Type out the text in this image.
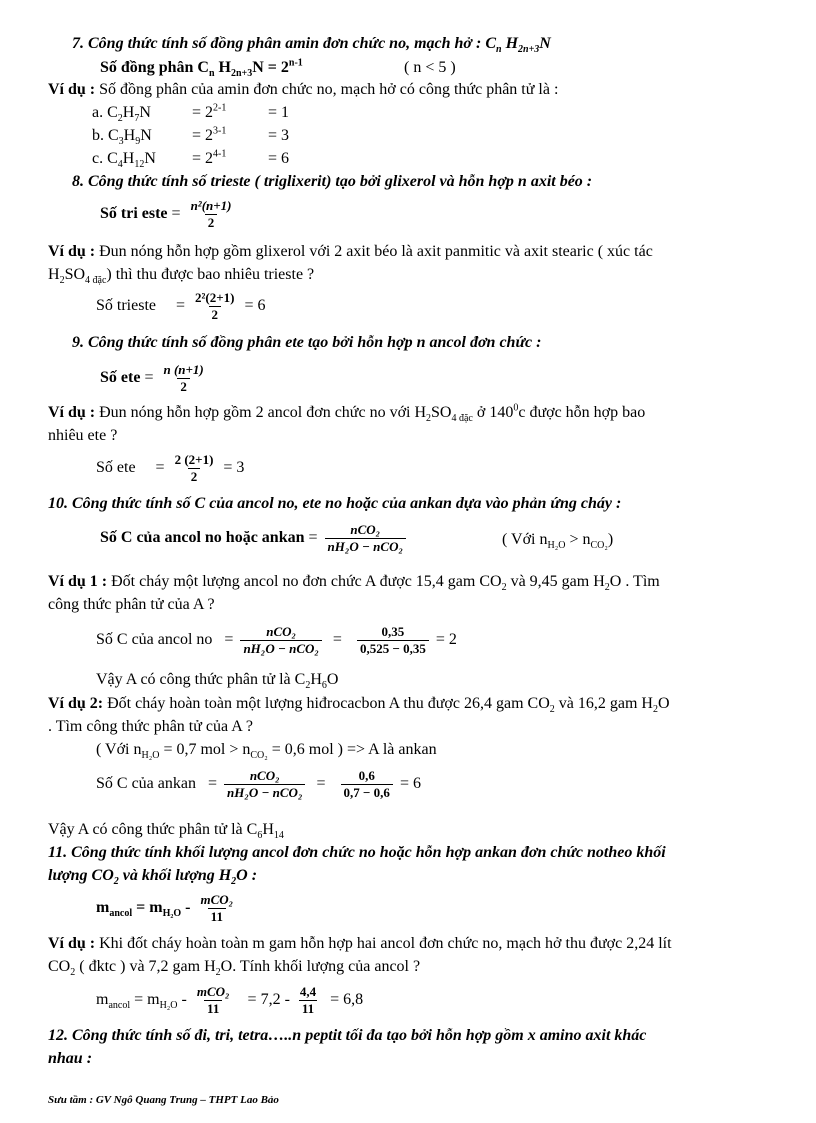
7. Công thức tính số đồng phân amin đơn chức no, mạch hở : $C_n$ $H_{2n+3}N$
Số đồng phân $C_n$ $H_{2n+3}N = 2^{n-1}$	( n < 5 )
Ví dụ : Số đồng phân của amin đơn chức no, mạch hở có công thức phân tử là :
a. $C_2H_7N$	= $2^{2-1}$	= 1
b. $C_3H_9N$	= $2^{3-1}$	= 3
c. $C_4H_{12}N = 2^{4-1}$	= 6
8. Công thức tính số trieste ( triglixerit) tạo bởi glixerol và hỗn hợp n axit béo :
Số tri este = $\frac{\text{n²(n+1)}}{2}$
Ví dụ : Đun nóng hỗn hợp gồm glixerol với 2 axit béo là axit panmitic và axit stearic ( xúc tác
$H_2SO_{4 đặc}$) thì thu được bao nhiêu trieste ?
Số trieste     = $\frac{\text{2²(2+1)}}{2} = 6$
9. Công thức tính số đồng phân ete tạo bởi hỗn hợp n ancol đơn chức :
Số ete = $\frac{n (n+1)}{2}$
Ví dụ : Đun nóng hỗn hợp gồm 2 ancol đơn chức no với $H_2SO_{4 đặc}$ ở $140^0c$ được hỗn hợp bao
nhiêu ete ?
Số ete     = $\frac{2 (2+1)}{2} = 3$
10. Công thức tính số C của ancol no, ete no hoặc của ankan dựa vào phản ứng cháy :
Số C của ancol no hoặc ankan = $\frac{\text{nCO₂}}{\text{nH₂O − nCO₂}}$	( Với $n_{H_2O} > n_{CO_2}$)
Ví dụ 1 : Đốt cháy một lượng ancol no đơn chức A được 15,4 gam $CO_2$ và 9,45 gam $H_2O$ . Tìm
công thức phân tử của A ?
Số C của ancol no   = $\frac{\text{nCO₂}}{\text{nH₂O − nCO₂}} = \frac{0,35}{0,525 - 0,35} = 2$
Vậy A có công thức phân tử là $C_2H_6O$
Ví dụ 2: Đốt cháy hoàn toàn một lượng hiđrocacbon A thu được 26,4 gam $CO_2$ và 16,2 gam $H_2O$
. Tìm công thức phân tử của A ?
( Với $n_{H_2O} = 0,7$ mol > $n_{CO_2} = 0,6$ mol ) => A là ankan
Số C của ankan   = $\frac{\text{nCO₂}}{\text{nH₂O − nCO₂}} = \frac{0,6}{0,7 - 0,6} = 6$
Vậy A có công thức phân tử là $C_6H_{14}$
11. Công thức tính khối lượng ancol đơn chức no hoặc hỗn hợp ankan đơn chức notheo khối
lượng $CO_2$ và khối lượng $H_2O$ :
$m_{ancol} = m_{H_2O} - \frac{\text{mCO₂}}{11}$
Ví dụ : Khi đốt cháy hoàn toàn m gam hỗn hợp hai ancol đơn chức no, mạch hở thu được 2,24 lít
$CO_2$ ( đktc ) và 7,2 gam $H_2O$. Tính khối lượng của ancol ?
$m_{ancol} = m_{H_2O} - \frac{\text{mCO₂}}{11} = 7,2 - \frac{4,4}{11} = 6,8$
12. Công thức tính số đi, tri, tetra…..n peptit tối đa tạo bởi hỗn hợp gồm x amino axit khác
nhau :
Sưu tầm : GV Ngô Quang Trung – THPT Lao Bảo
